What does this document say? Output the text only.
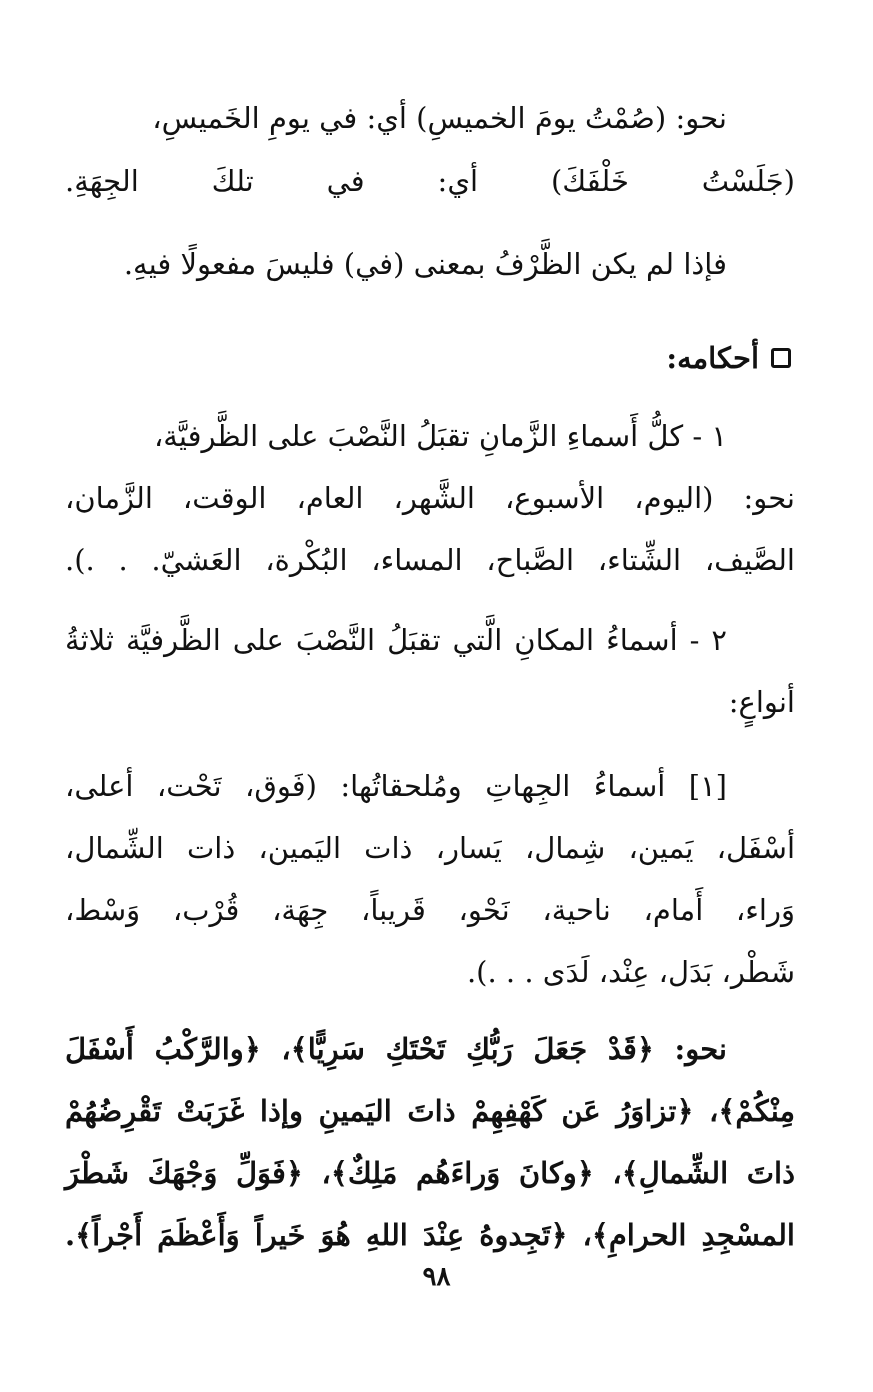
نحو: (صُمْتُ يومَ الخميسِ) أي: في يومِ الخَميسِ،
(جَلَسْتُ خَلْفَكَ) أي: في تلكَ الجِهَةِ.
فإذا لم يكن الظَّرْفُ بمعنى (في) فليسَ مفعولًا فيهِ.
أحكامه:
١ - كلُّ أَسماءِ الزَّمانِ تقبَلُ النَّصْبَ على الظَّرفيَّة،
نحو: (اليوم، الأسبوع، الشَّهر، العام، الوقت، الزَّمان،
الصَّيف، الشِّتاء، الصَّباح، المساء، البُكْرة، العَشيّ. . .).
٢ - أسماءُ المكانِ الَّتي تقبَلُ النَّصْبَ على الظَّرفيَّة ثلاثةُ
أنواعٍ:
[١] أسماءُ الجِهاتِ ومُلحقاتُها: (فَوق، تَحْت، أعلى،
أسْفَل، يَمين، شِمال، يَسار، ذات اليَمين، ذات الشِّمال،
وَراء، أَمام، ناحية، نَحْو، قَريباً، جِهَة، قُرْب، وَسْط،
شَطْر، بَدَل، عِنْد، لَدَى . . .).
نحو: ﴿قَدْ جَعَلَ رَبُّكِ تَحْتَكِ سَرِيًّا﴾، ﴿والرَّكْبُ أَسْفَلَ
مِنْكُمْ﴾، ﴿تزاوَرُ عَن كَهْفِهِمْ ذاتَ اليَمينِ وإذا غَرَبَتْ تَقْرِضُهُمْ
ذاتَ الشِّمالِ﴾، ﴿وكانَ وَراءَهُم مَلِكٌ﴾، ﴿فَوَلِّ وَجْهَكَ شَطْرَ
المسْجِدِ الحرامِ﴾، ﴿تَجِدوهُ عِنْدَ اللهِ هُوَ خَيراً وَأَعْظَمَ أَجْراً﴾.
٩٨
